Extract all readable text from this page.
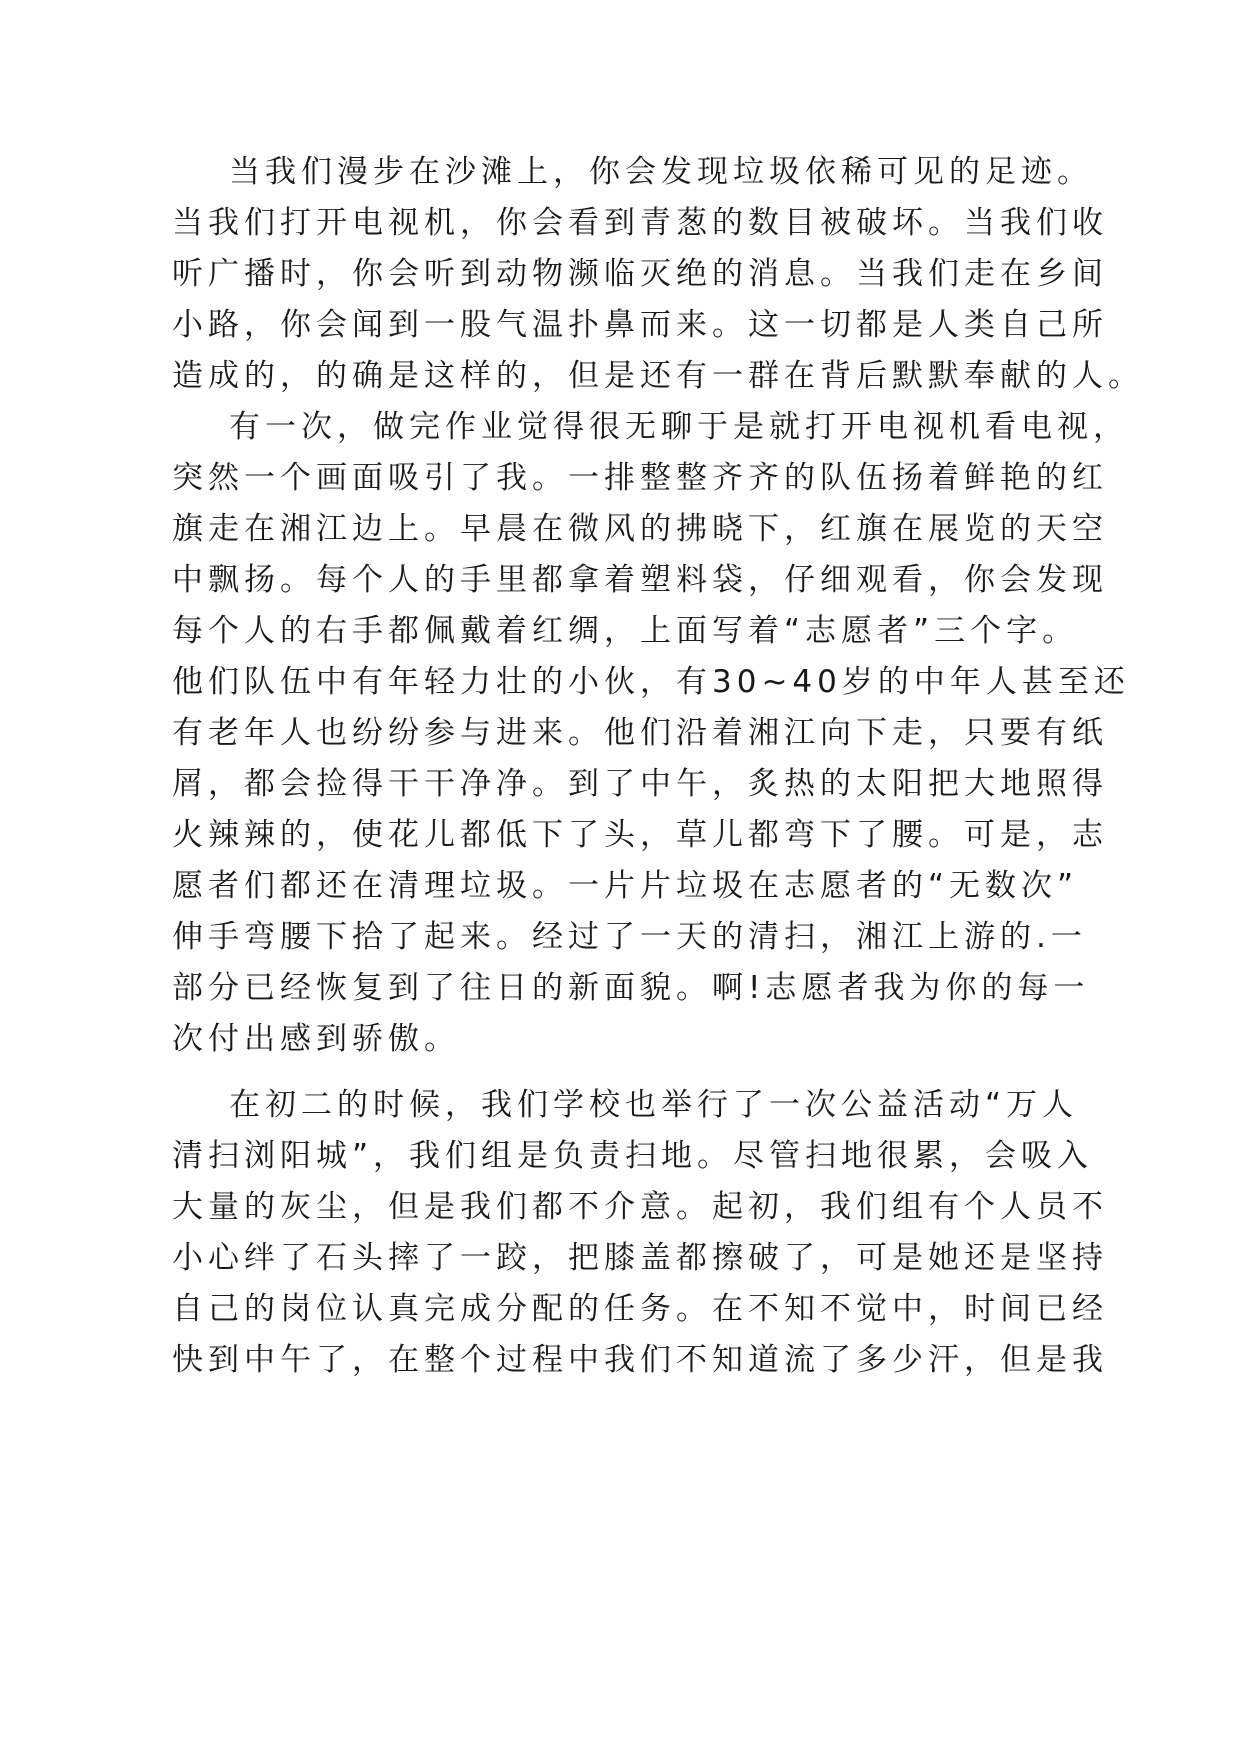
当我们漫步在沙滩上，你会发现垃圾依稀可见的足迹。
当我们打开电视机，你会看到青葱的数目被破坏。当我们收
听广播时，你会听到动物濒临灭绝的消息。当我们走在乡间
小路，你会闻到一股气温扑鼻而来。这一切都是人类自己所
造成的，的确是这样的，但是还有一群在背后默默奉献的人。
有一次，做完作业觉得很无聊于是就打开电视机看电视，
突然一个画面吸引了我。一排整整齐齐的队伍扬着鲜艳的红
旗走在湘江边上。早晨在微风的拂晓下，红旗在展览的天空
中飘扬。每个人的手里都拿着塑料袋，仔细观看，你会发现
每个人的右手都佩戴着红绸，上面写着“志愿者”三个字。
他们队伍中有年轻力壮的小伙，有30~40岁的中年人甚至还
有老年人也纷纷参与进来。他们沿着湘江向下走，只要有纸
屑，都会捡得干干净净。到了中午，炙热的太阳把大地照得
火辣辣的，使花儿都低下了头，草儿都弯下了腰。可是，志
愿者们都还在清理垃圾。一片片垃圾在志愿者的“无数次”
伸手弯腰下拾了起来。经过了一天的清扫，湘江上游的.一
部分已经恢复到了往日的新面貌。啊!志愿者我为你的每一
次付出感到骄傲。
在初二的时候，我们学校也举行了一次公益活动“万人
清扫浏阳城”，我们组是负责扫地。尽管扫地很累，会吸入
大量的灰尘，但是我们都不介意。起初，我们组有个人员不
小心绊了石头摔了一跤，把膝盖都擦破了，可是她还是坚持
自己的岗位认真完成分配的任务。在不知不觉中，时间已经
快到中午了，在整个过程中我们不知道流了多少汗，但是我
